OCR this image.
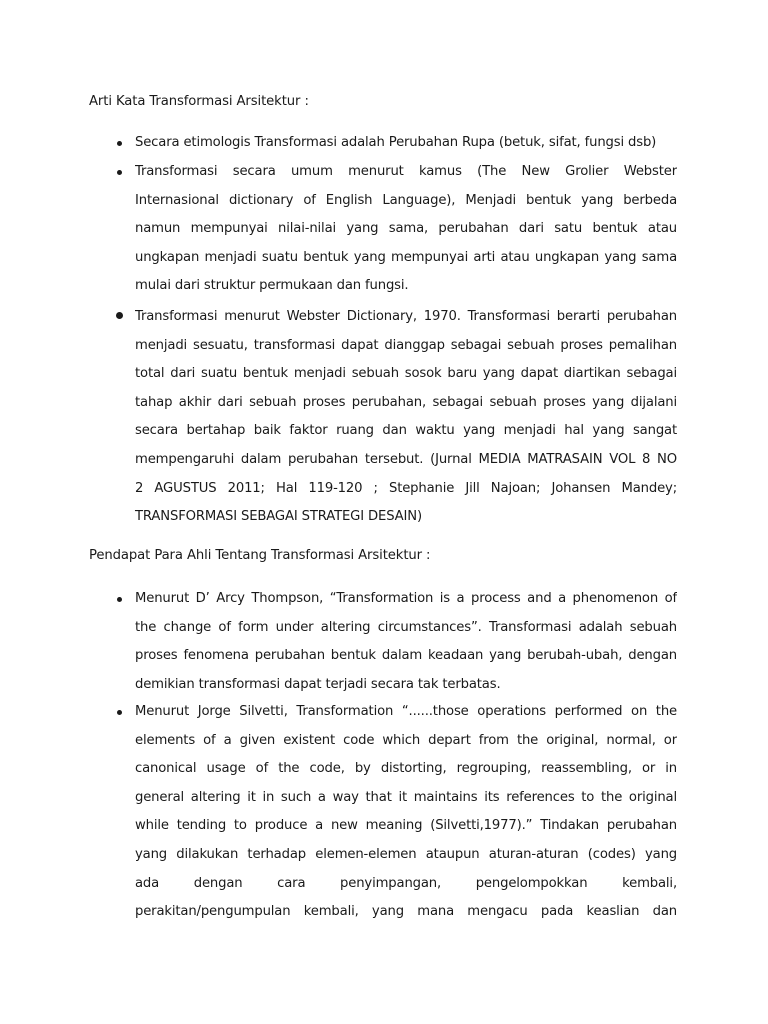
Arti Kata Transformasi Arsitektur :
Secara etimologis Transformasi adalah Perubahan Rupa (betuk, sifat, fungsi dsb)
Transformasi secara umum menurut kamus (The New Grolier Webster
Internasional dictionary of English Language), Menjadi bentuk yang berbeda
namun mempunyai nilai-nilai yang sama, perubahan dari satu bentuk atau
ungkapan menjadi suatu bentuk yang mempunyai arti atau ungkapan yang sama
mulai dari struktur permukaan dan fungsi.
Transformasi menurut Webster Dictionary, 1970. Transformasi berarti perubahan
menjadi sesuatu, transformasi dapat dianggap sebagai sebuah proses pemalihan
total dari suatu bentuk menjadi sebuah sosok baru yang dapat diartikan sebagai
tahap akhir dari sebuah proses perubahan, sebagai sebuah proses yang dijalani
secara bertahap baik faktor ruang dan waktu yang menjadi hal yang sangat
mempengaruhi dalam perubahan tersebut. (Jurnal MEDIA MATRASAIN VOL 8 NO
2 AGUSTUS 2011; Hal 119-120 ; Stephanie Jill Najoan; Johansen Mandey;
TRANSFORMASI SEBAGAI STRATEGI DESAIN)
Pendapat Para Ahli Tentang Transformasi Arsitektur :
Menurut D’ Arcy Thompson, “Transformation is a process and a phenomenon of
the change of form under altering circumstances”. Transformasi adalah sebuah
proses fenomena perubahan bentuk dalam keadaan yang berubah-ubah, dengan
demikian transformasi dapat terjadi secara tak terbatas.
Menurut Jorge Silvetti, Transformation “......those operations performed on the
elements of a given existent code which depart from the original, normal, or
canonical usage of the code, by distorting, regrouping, reassembling, or in
general altering it in such a way that it maintains its references to the original
while tending to produce a new meaning (Silvetti,1977).” Tindakan perubahan
yang dilakukan terhadap elemen-elemen ataupun aturan-aturan (codes) yang
ada dengan cara penyimpangan, pengelompokkan kembali,
perakitan/pengumpulan kembali, yang mana mengacu pada keaslian dan
